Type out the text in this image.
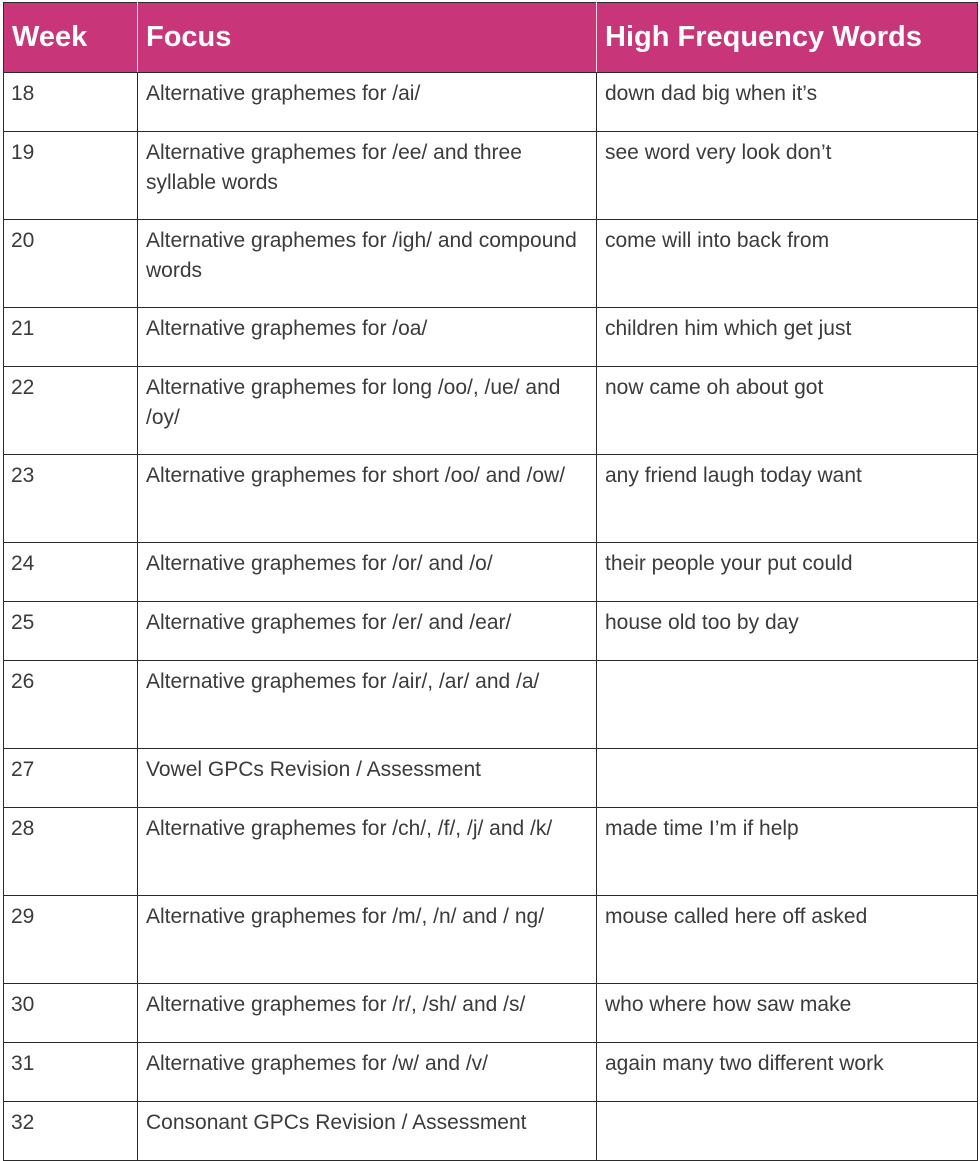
Week	Focus	High Frequency Words
18	Alternative graphemes for /ai/	down dad big when it’s
19	Alternative graphemes for /ee/ and three syllable words	see word very look don’t
20	Alternative graphemes for /igh/ and compound words	come will into back from
21	Alternative graphemes for /oa/	children him which get just
22	Alternative graphemes for long /oo/, /ue/ and /oy/	now came oh about got
23	Alternative graphemes for short /oo/ and /ow/	any friend laugh today want
24	Alternative graphemes for /or/ and /o/	their people your put could
25	Alternative graphemes for /er/ and /ear/	house old too by day
26	Alternative graphemes for /air/, /ar/ and /a/	
27	Vowel GPCs Revision / Assessment	
28	Alternative graphemes for /ch/, /f/, /j/ and /k/	made time I’m if help
29	Alternative graphemes for /m/, /n/ and / ng/	mouse called here off asked
30	Alternative graphemes for /r/, /sh/ and /s/	who where how saw make
31	Alternative graphemes for /w/ and /v/	again many two different work
32	Consonant GPCs Revision / Assessment	
